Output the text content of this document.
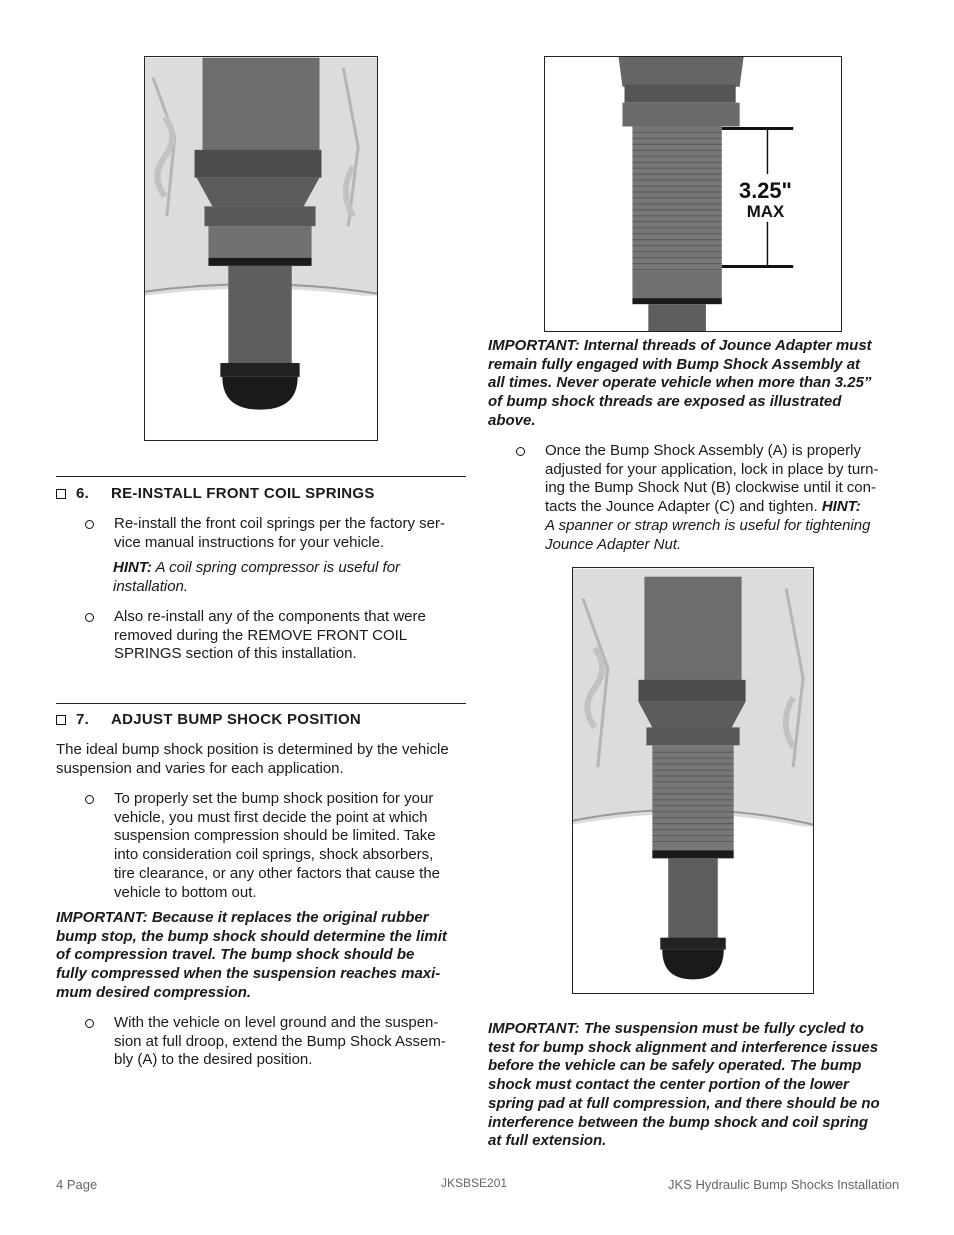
3.25"
MAX
6.	RE-INSTALL FRONT COIL SPRINGS
Re-install the front coil springs per the factory ser-
vice manual instructions for your vehicle.
HINT: A coil spring compressor is useful for
installation.
Also re-install any of the components that were
removed during the REMOVE FRONT COIL
SPRINGS section of this installation.
7.	ADJUST BUMP SHOCK POSITION
The ideal bump shock position is determined by the vehicle
suspension and varies for each application.
To properly set the bump shock position for your
vehicle, you must first decide the point at which
suspension compression should be limited. Take
into consideration coil springs, shock absorbers,
tire clearance, or any other factors that cause the
vehicle to bottom out.
IMPORTANT: Because it replaces the original rubber
bump stop, the bump shock should determine the limit
of compression travel. The bump shock should be
fully compressed when the suspension reaches maxi-
mum desired compression.
With the vehicle on level ground and the suspen-
sion at full droop, extend the Bump Shock Assem-
bly (A) to the desired position.
IMPORTANT: Internal threads of Jounce Adapter must
remain fully engaged with Bump Shock Assembly at
all times. Never operate vehicle when more than 3.25”
of bump shock threads are exposed as illustrated
above.
Once the Bump Shock Assembly (A) is properly
adjusted for your application, lock in place by turn-
ing the Bump Shock Nut (B) clockwise until it con-
tacts the Jounce Adapter (C) and tighten. HINT:
A spanner or strap wrench is useful for tightening
Jounce Adapter Nut.
IMPORTANT: The suspension must be fully cycled to
test for bump shock alignment and interference issues
before the vehicle can be safely operated. The bump
shock must contact the center portion of the lower
spring pad at full compression, and there should be no
interference between the bump shock and coil spring
at full extension.
4 Page	JKSBSE201	JKS Hydraulic Bump Shocks Installation
